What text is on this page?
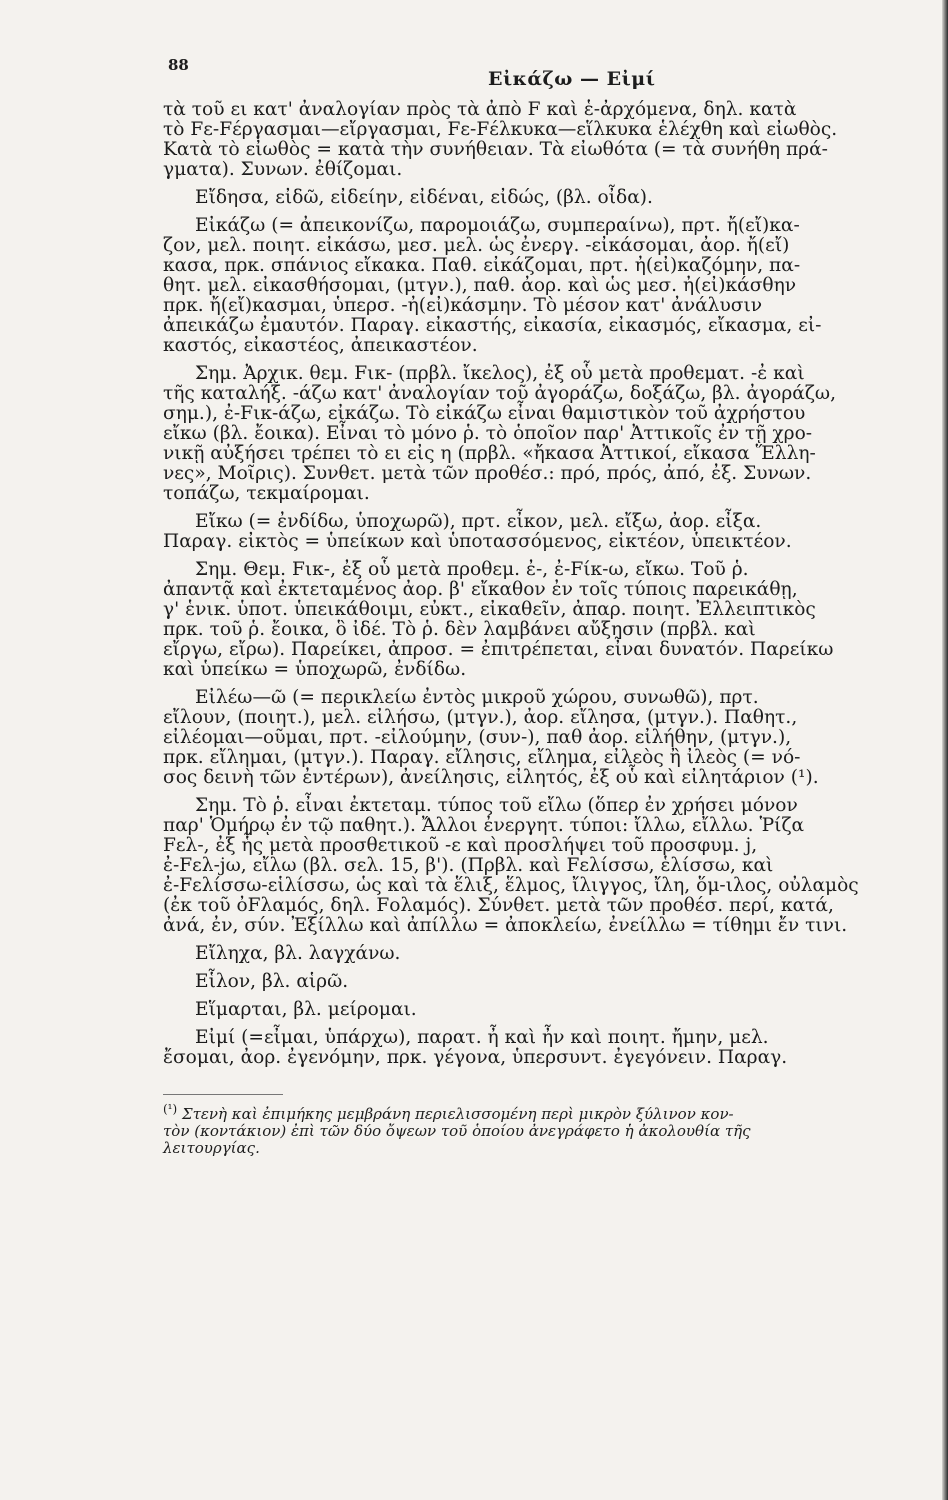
88
Εἰκάζω — Εἰμί
τὰ τοῦ ει κατ' ἀναλογίαν πρὸς τὰ ἀπὸ F καὶ ἑ-ἀρχόμενα, δηλ. κατὰ
τὸ Fε-Fέργασμαι—εἴργασμαι, Fε-Fέλκυκα—εἵλκυκα ἑλέχθη καὶ εἰωθὸς.
Κατὰ τὸ εἰωθὸς = κατὰ τὴν συνήθειαν. Τὰ εἰωθότα (= τὰ συνήθη πρά-
γματα). Συνων. ἐθίζομαι.
Εἴδησα, εἰδῶ, εἰδείην, εἰδέναι, εἰδώς, (βλ. οἶδα).
Εἰκάζω (= ἀπεικονίζω, παρομοιάζω, συμπεραίνω), πρτ. ἤ(εἴ)κα-
ζον, μελ. ποιητ. εἰκάσω, μεσ. μελ. ὡς ἐνεργ. -εἰκάσομαι, ἀορ. ἤ(εἴ)
κασα, πρκ. σπάνιος εἴκακα. Παθ. εἰκάζομαι, πρτ. ἠ(εἰ)καζόμην, πα-
θητ. μελ. εἰκασθήσομαι, (μτγν.), παθ. ἀορ. καὶ ὡς μεσ. ἠ(εἰ)κάσθην
πρκ. ἤ(εἴ)κασμαι, ὑπερσ. -ἠ(εἰ)κάσμην. Τὸ μέσον κατ' ἀνάλυσιν
ἀπεικάζω ἐμαυτόν. Παραγ. εἰκαστής, εἰκασία, εἰκασμός, εἴκασμα, εἰ-
καστός, εἰκαστέος, ἀπεικαστέον.
Σημ. Ἀρχικ. θεμ. Fικ- (πρβλ. ἴκελος), ἐξ οὗ μετὰ προθεματ. -ἐ καὶ
τῆς καταλήξ. -άζω κατ' ἀναλογίαν τοῦ ἀγοράζω, δοξάζω, βλ. ἀγοράζω,
σημ.), ἐ-Fικ-άζω, εἰκάζω. Τὸ εἰκάζω εἶναι θαμιστικὸν τοῦ ἀχρήστου
εἴκω (βλ. ἔοικα). Εἶναι τὸ μόνο ῥ. τὸ ὁποῖον παρ' Ἀττικοῖς ἐν τῇ χρο-
νικῇ αὐξήσει τρέπει τὸ ει εἰς η (πρβλ. «ἤκασα Ἀττικοί, εἴκασα Ἕλλη-
νες», Μοῖρις). Συνθετ. μετὰ τῶν προθέσ.: πρό, πρός, ἀπό, ἐξ. Συνων.
τοπάζω, τεκμαίρομαι.
Εἴκω (= ἐνδίδω, ὑποχωρῶ), πρτ. εἶκον, μελ. εἴξω, ἀορ. εἶξα.
Παραγ. εἰκτὸς = ὑπείκων καὶ ὑποτασσόμενος, εἰκτέον, ὑπεικτέον.
Σημ. Θεμ. Fικ-, ἐξ οὗ μετὰ προθεμ. ἐ-, ἐ-Fίκ-ω, εἴκω. Τοῦ ῥ.
ἀπαντᾷ καὶ ἐκτεταμένος ἀορ. β' εἴκαθον ἐν τοῖς τύποις παρεικάθῃ,
γ' ἑνικ. ὑποτ. ὑπεικάθοιμι, εὐκτ., εἰκαθεῖν, ἀπαρ. ποιητ. Ἐλλειπτικὸς
πρκ. τοῦ ῥ. ἔοικα, ὃ ἰδέ. Τὸ ῥ. δὲν λαμβάνει αὔξησιν (πρβλ. καὶ
εἴργω, εἴρω). Παρείκει, ἀπροσ. = ἐπιτρέπεται, εἶναι δυνατόν. Παρείκω
καὶ ὑπείκω = ὑποχωρῶ, ἐνδίδω.
Εἰλέω—ῶ (= περικλείω ἐντὸς μικροῦ χώρου, συνωθῶ), πρτ.
εἴλουν, (ποιητ.), μελ. εἰλήσω, (μτγν.), ἀορ. εἴλησα, (μτγν.). Παθητ.,
εἰλέομαι—οῦμαι, πρτ. -εἰλούμην, (συν-), παθ ἀορ. εἰλήθην, (μτγν.),
πρκ. εἴλημαι, (μτγν.). Παραγ. εἴλησις, εἴλημα, εἰλεὸς ἢ ἰλεὸς (= νό-
σος δεινὴ τῶν ἐντέρων), ἀνείλησις, εἰλητός, ἐξ οὗ καὶ εἰλητάριον (¹).
Σημ. Τὸ ῥ. εἶναι ἐκτεταμ. τύπος τοῦ εἴλω (ὅπερ ἐν χρήσει μόνον
παρ' Ὁμήρῳ ἐν τῷ παθητ.). Ἄλλοι ἐνεργητ. τύποι: ἴλλω, εἴλλω. Ῥίζα
Fελ-, ἐξ ἧς μετὰ προσθετικοῦ -ε καὶ προσλήψει τοῦ προσφυμ. j,
ἐ-Fελ-jω, εἴλω (βλ. σελ. 15, β'). (Πρβλ. καὶ Fελίσσω, ἑλίσσω, καὶ
ἐ-Fελίσσω-εἱλίσσω, ὡς καὶ τὰ ἕλιξ, ἕλμος, ἴλιγγος, ἴλη, ὅμ-ιλος, οὐλαμὸς
(ἐκ τοῦ ὀFλαμός, δηλ. Fολαμός). Σύνθετ. μετὰ τῶν προθέσ. περί, κατά,
ἀνά, ἐν, σύν. Ἐξίλλω καὶ ἀπίλλω = ἀποκλείω, ἐνείλλω = τίθημι ἔν τινι.
Εἴληχα, βλ. λαγχάνω.
Εἷλον, βλ. αἱρῶ.
Εἵμαρται, βλ. μείρομαι.
Εἰμί (=εἶμαι, ὑπάρχω), παρατ. ἦ καὶ ἦν καὶ ποιητ. ἤμην, μελ.
ἔσομαι, ἀορ. ἐγενόμην, πρκ. γέγονα, ὑπερσυντ. ἐγεγόνειν. Παραγ.
$^{(^1)}$ Στενὴ καὶ ἐπιμήκης μεμβράνη περιελισσομένη περὶ μικρὸν ξύλινον κον-
τὸν (κοντάκιον) ἐπὶ τῶν δύο ὄψεων τοῦ ὁποίου ἀνεγράφετο ἡ ἀκολουθία τῆς
λειτουργίας.
